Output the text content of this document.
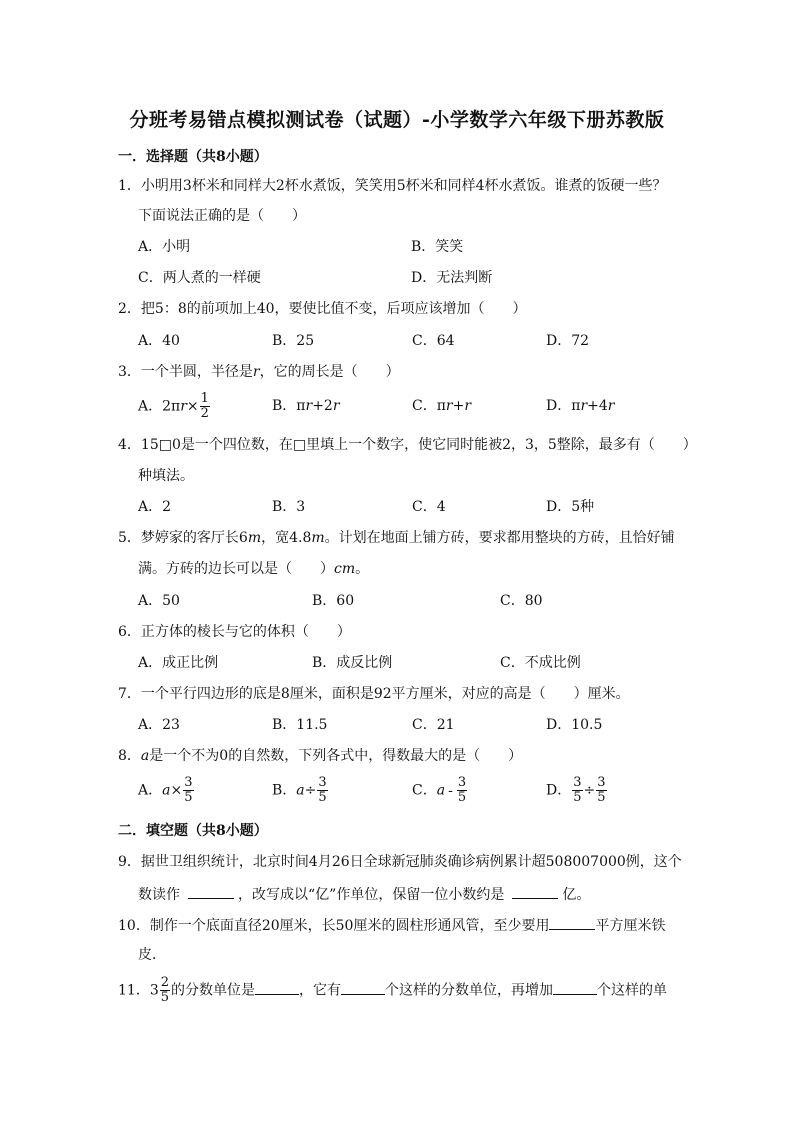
分班考易错点模拟测试卷（试题）-小学数学六年级下册苏教版
一．选择题（共8小题）
1．小明用3杯米和同样大2杯水煮饭，笑笑用5杯米和同样4杯水煮饭。谁煮的饭硬一些？
下面说法正确的是（　　）
A．小明	B．笑笑
C．两人煮的一样硬	D．无法判断
2．把5：8的前项加上40，要使比值不变，后项应该增加（　　）
A．40	B．25	C．64	D．72
3．一个半圆，半径是r，它的周长是（　　）
A．$2\pi r\times \frac{1}{2}$	B．πr+2r	C．πr+r	D．πr+4r
4．15□0是一个四位数，在□里填上一个数字，使它同时能被2，3，5整除，最多有（　　）
种填法。
A．2	B．3	C．4	D．5种
5．梦婷家的客厅长6m，宽4.8m。计划在地面上铺方砖，要求都用整块的方砖，且恰好铺
满。方砖的边长可以是（　　）cm。
A．50	B．60	C．80
6．正方体的棱长与它的体积（　　）
A．成正比例	B．成反比例	C．不成比例
7．一个平行四边形的底是8厘米，面积是92平方厘米，对应的高是（　　）厘米。
A．23	B．11.5	C．21	D．10.5
8．a是一个不为0的自然数，下列各式中，得数最大的是（　　）
A．$a\times \frac{3}{5}$	B．$a\div \frac{3}{5}$	C．a - $\frac{3}{5}$	D． $\frac{3}{5} \div \frac{3}{5}$
二．填空题（共8小题）
9．据世卫组织统计，北京时间4月26日全球新冠肺炎确诊病例累计超508007000例，这个
数读作	，改写成以“亿”作单位，保留一位小数约是	亿。
10．制作一个底面直径20厘米，长50厘米的圆柱形通风管，至少要用	平方厘米铁
皮．
11．$3 \frac{2}{5}$ 的分数单位是	，它有	个这样的分数单位，再增加	个这样的单
